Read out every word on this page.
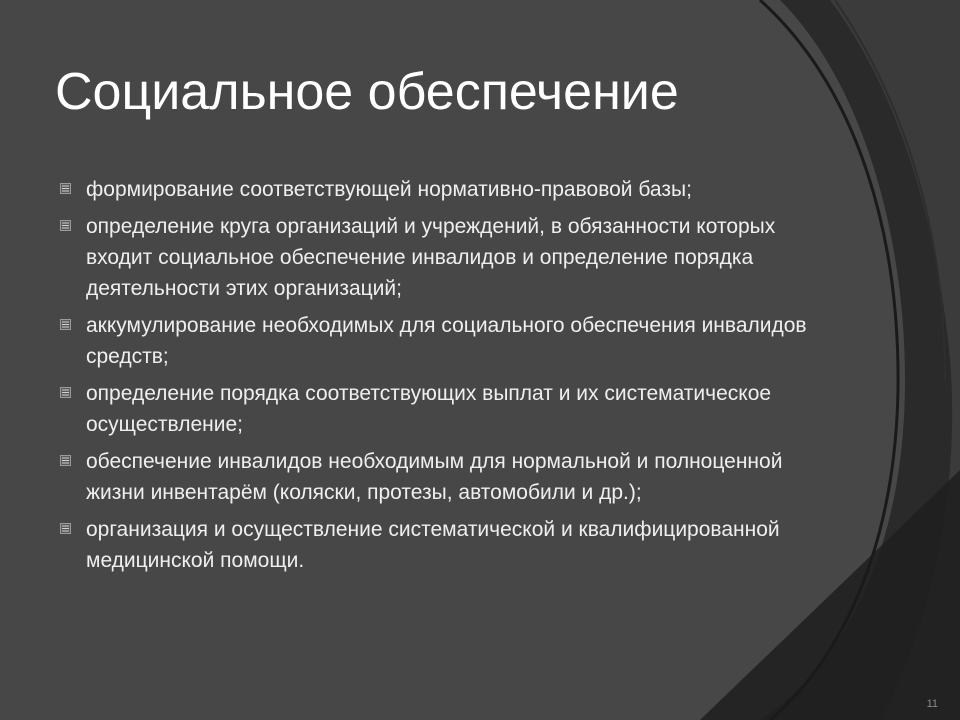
Социальное обеспечение
формирование соответствующей нормативно-правовой базы;
определение круга организаций и учреждений, в обязанности которых входит социальное обеспечение инвалидов и определение порядка деятельности этих организаций;
аккумулирование необходимых для социального обеспечения инвалидов средств;
определение порядка соответствующих выплат и их систематическое осуществление;
обеспечение инвалидов необходимым для нормальной и полноценной жизни инвентарём (коляски, протезы, автомобили и др.);
организация и осуществление систематической и квалифицированной медицинской помощи.
11
